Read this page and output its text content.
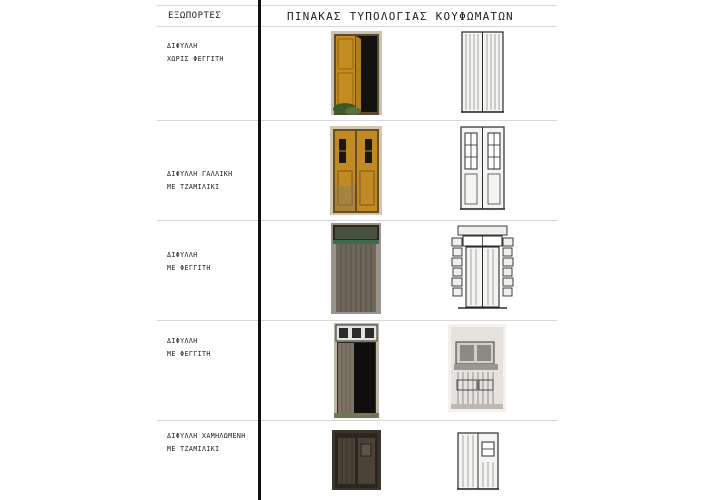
ΕΞΩΠΟΡΤΕΣ	ΠΙΝΑΚΑΣ ΤΥΠΟΛΟΓΙΑΣ ΚΟΥΦΩΜΑΤΩΝ
ΔΙΦΥΛΛΗ
ΧΩΡΙΣ ΦΕΓΓΙΤΗ
ΔΙΦΥΛΛΗ ΓΑΛΛΙΚΗ
ΜΕ ΤΖΑΜΙΛΙΚΙ
ΔΙΦΥΛΛΗ
ΜΕ ΦΕΓΓΙΤΗ
ΔΙΦΥΛΛΗ
ΜΕ ΦΕΓΓΙΤΗ
ΔΙΦΥΛΛΗ ΧΑΜΗΛΩΜΕΝΗ
ΜΕ ΤΖΑΜΙΛΙΚΙ
